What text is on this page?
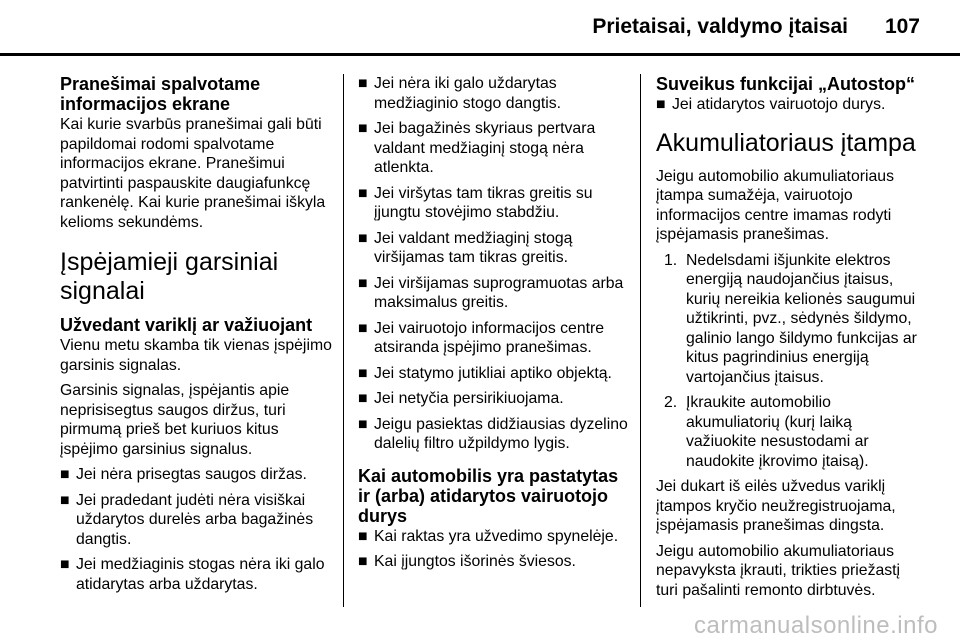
Prietaisai, valdymo įtaisai 107
Pranešimai spalvotame informacijos ekrane

Kai kurie svarbūs pranešimai gali būti papildomai rodomi spalvotame informacijos ekrane. Pranešimui patvirtinti paspauskite daugiafunkcę rankenėlę. Kai kurie pranešimai iškyla kelioms sekundėms.

Įspėjamieji garsiniai signalai
Užvedant variklį ar važiuojant

Vienu metu skamba tik vienas įspėjimo garsinis signalas.

Garsinis signalas, įspėjantis apie neprisisegtus saugos diržus, turi pirmumą prieš bet kuriuos kitus įspėjimo garsinius signalus.

■ Jei nėra prisegtas saugos diržas.
■ Jei pradedant judėti nėra visiškai uždarytos durelės arba bagažinės dangtis.
■ Jei medžiaginis stogas nėra iki galo atidarytas arba uždarytas.
■ Jei nėra iki galo uždarytas medžiaginio stogo dangtis.
■ Jei bagažinės skyriaus pertvara valdant medžiaginį stogą nėra atlenkta.
■ Jei viršytas tam tikras greitis su įjungtu stovėjimo stabdžiu.
■ Jei valdant medžiaginį stogą viršijamas tam tikras greitis.
■ Jei viršijamas suprogramuotas arba maksimalus greitis.
■ Jei vairuotojo informacijos centre atsiranda įspėjimo pranešimas.
■ Jei statymo jutikliai aptiko objektą.
■ Jei netyčia persirikiuojama.
■ Jeigu pasiektas didžiausias dyzelino dalelių filtro užpildymo lygis.
Kai automobilis yra pastatytas ir (arba) atidarytos vairuotojo durys
■ Kai raktas yra užvedimo spynelėje.
■ Kai įjungtos išorinės šviesos.
Suveikus funkcijai „Autostop“
■ Jei atidarytos vairuotojo durys.
Akumuliatoriaus įtampa

Jeigu automobilio akumuliatoriaus įtampa sumažėja, vairuotojo informacijos centre imamas rodyti įspėjamasis pranešimas.

1. Nedelsdami išjunkite elektros energiją naudojančius įtaisus, kurių nereikia kelionės saugumui užtikrinti, pvz., sėdynės šildymo, galinio lango šildymo funkcijas ar kitus pagrindinius energiją vartojančius įtaisus.
2. Įkraukite automobilio akumuliatorių (kurį laiką važiuokite nesustodami ar naudokite įkrovimo įtaisą).

Jei dukart iš eilės užvedus variklį įtampos kryčio neužregistruojama, įspėjamasis pranešimas dingsta.

Jeigu automobilio akumuliatoriaus nepavyksta įkrauti, trikties priežastį turi pašalinti remonto dirbtuvės.

carmanualsonline.info
